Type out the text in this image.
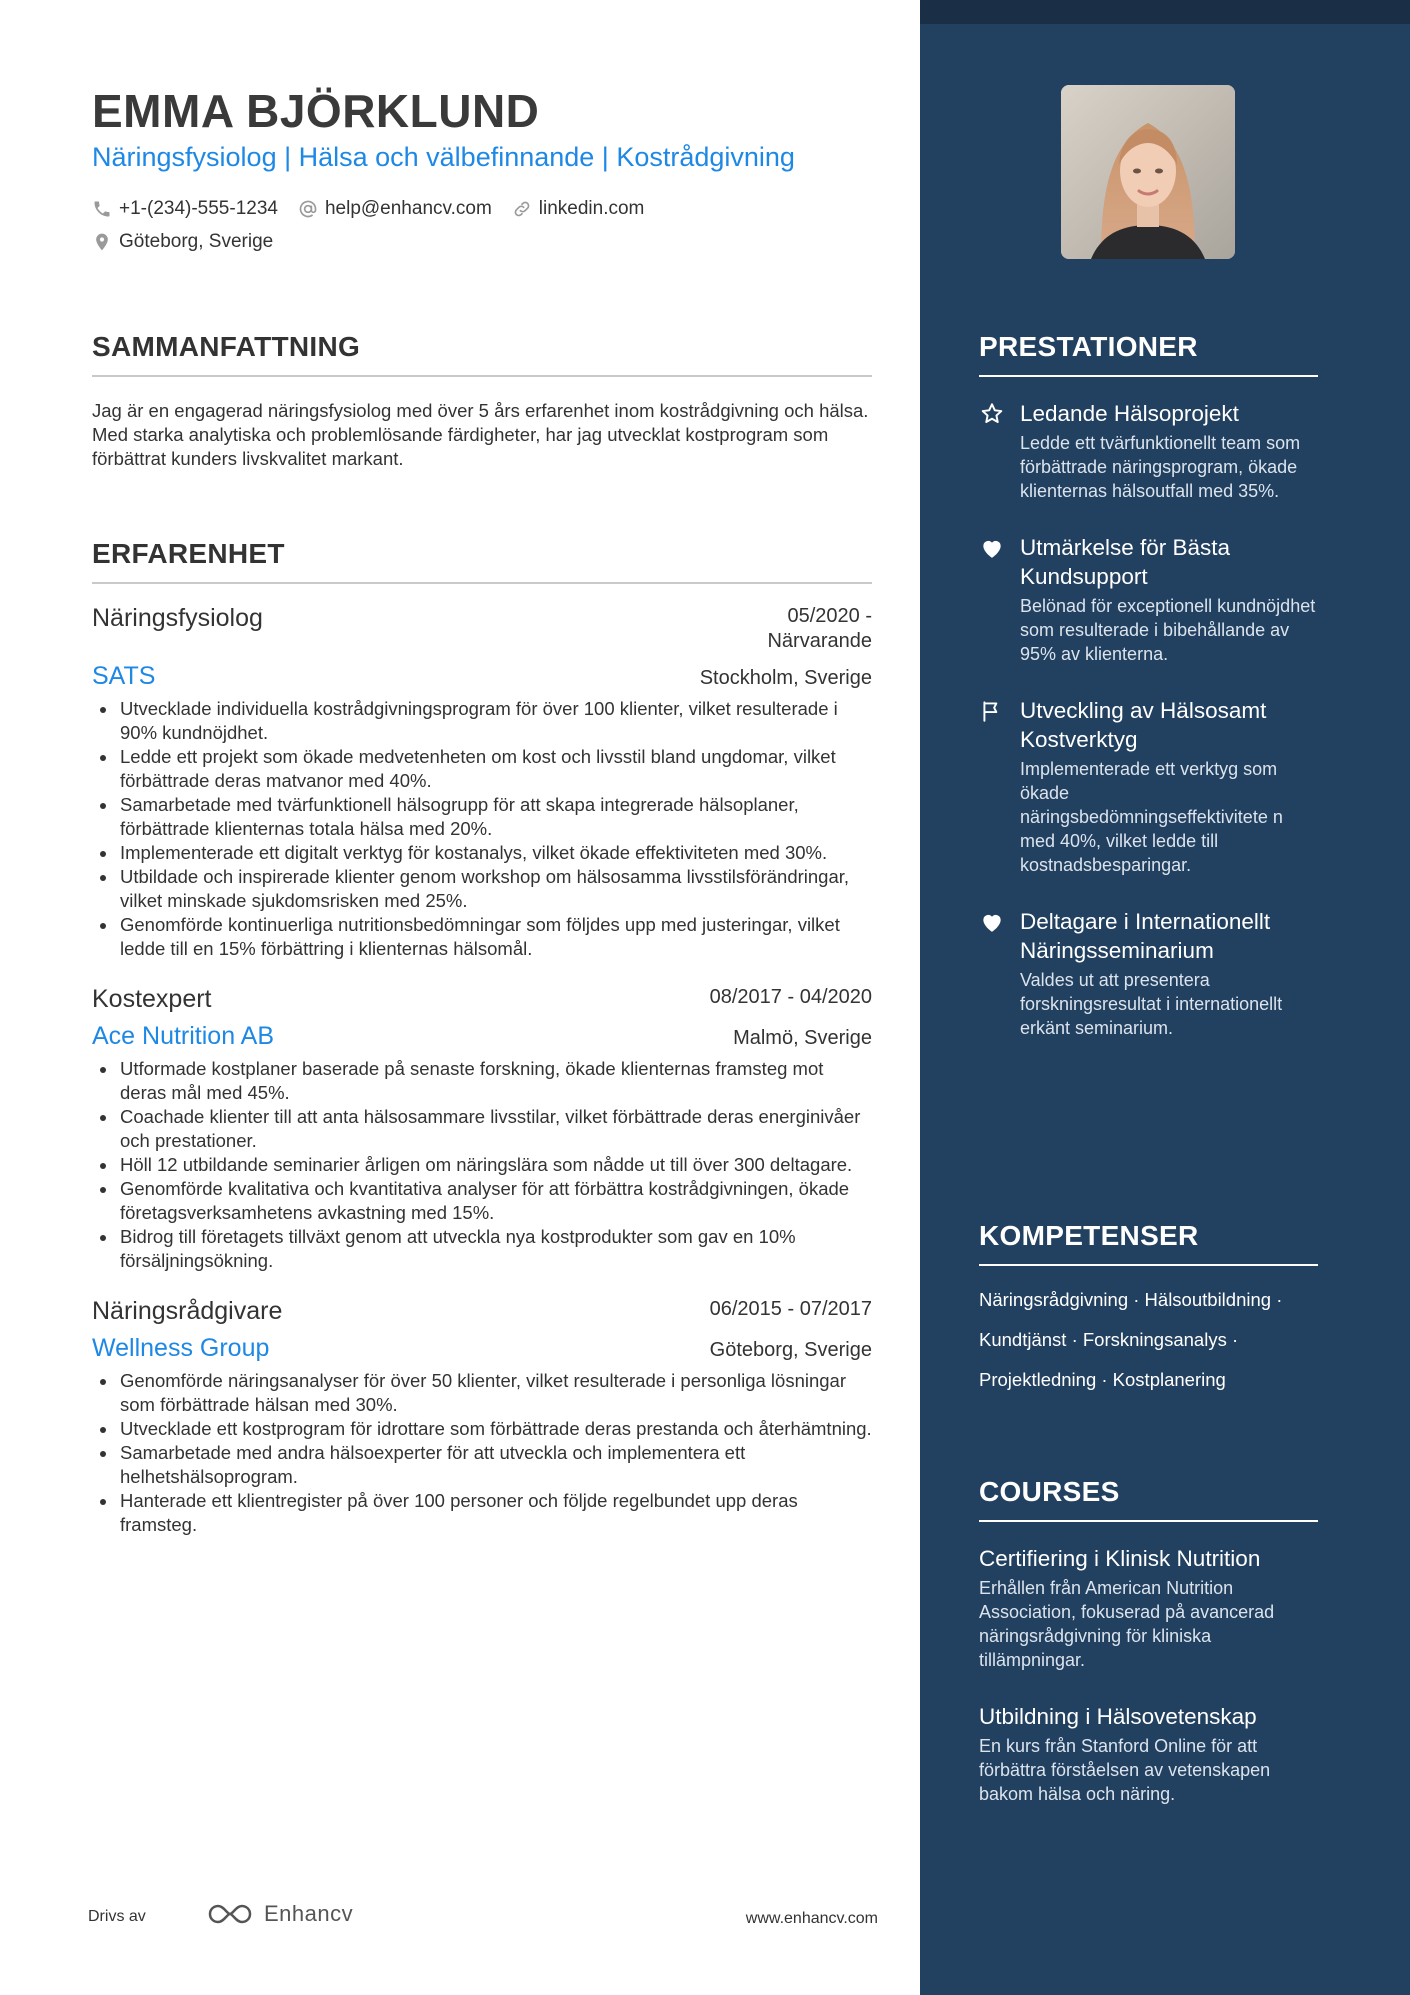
EMMA BJÖRKLUND
Näringsfysiolog | Hälsa och välbefinnande | Kostrådgivning
+1-(234)-555-1234 help@enhancv.com linkedin.com
Göteborg, Sverige
SAMMANFATTNING

Jag är en engagerad näringsfysiolog med över 5 års erfarenhet inom kostrådgivning och hälsa. Med starka analytiska och problemlösande färdigheter, har jag utvecklat kostprogram som förbättrat kunders livskvalitet markant.

ERFARENHET
Näringsfysiolog	05/2020 -
Närvarande
SATS	Stockholm, Sverige
Utvecklade individuella kostrådgivningsprogram för över 100 klienter, vilket resulterade i 90% kundnöjdhet.
Ledde ett projekt som ökade medvetenheten om kost och livsstil bland ungdomar, vilket förbättrade deras matvanor med 40%.
Samarbetade med tvärfunktionell hälsogrupp för att skapa integrerade hälsoplaner, förbättrade klienternas totala hälsa med 20%.
Implementerade ett digitalt verktyg för kostanalys, vilket ökade effektiviteten med 30%.
Utbildade och inspirerade klienter genom workshop om hälsosamma livsstilsförändringar, vilket minskade sjukdomsrisken med 25%.
Genomförde kontinuerliga nutritionsbedömningar som följdes upp med justeringar, vilket ledde till en 15% förbättring i klienternas hälsomål.
Kostexpert	08/2017 - 04/2020
Ace Nutrition AB	Malmö, Sverige
Utformade kostplaner baserade på senaste forskning, ökade klienternas framsteg mot deras mål med 45%.
Coachade klienter till att anta hälsosammare livsstilar, vilket förbättrade deras energinivåer och prestationer.
Höll 12 utbildande seminarier årligen om näringslära som nådde ut till över 300 deltagare.
Genomförde kvalitativa och kvantitativa analyser för att förbättra kostrådgivningen, ökade företagsverksamhetens avkastning med 15%.
Bidrog till företagets tillväxt genom att utveckla nya kostprodukter som gav en 10% försäljningsökning.
Näringsrådgivare	06/2015 - 07/2017
Wellness Group	Göteborg, Sverige
Genomförde näringsanalyser för över 50 klienter, vilket resulterade i personliga lösningar som förbättrade hälsan med 30%.
Utvecklade ett kostprogram för idrottare som förbättrade deras prestanda och återhämtning.
Samarbetade med andra hälsoexperter för att utveckla och implementera ett helhetshälsoprogram.
Hanterade ett klientregister på över 100 personer och följde regelbundet upp deras framsteg.
Drivs av	Enhancv	www.enhancv.com
PRESTATIONER
Ledande Hälsoprojekt
Ledde ett tvärfunktionellt team som förbättrade näringsprogram, ökade klienternas hälsoutfall med 35%.
Utmärkelse för Bästa Kundsupport
Belönad för exceptionell kundnöjdhet som resulterade i bibehållande av 95% av klienterna.
Utveckling av Hälsosamt Kostverktyg
Implementerade ett verktyg som ökade näringsbedömningseffektivitete n med 40%, vilket ledde till kostnadsbesparingar.
Deltagare i Internationellt Näringsseminarium
Valdes ut att presentera forskningsresultat i internationellt erkänt seminarium.
KOMPETENSER

Näringsrådgivning · Hälsoutbildning ·
Kundtjänst · Forskningsanalys ·
Projektledning · Kostplanering

COURSES
Certifiering i Klinisk Nutrition
Erhållen från American Nutrition Association, fokuserad på avancerad näringsrådgivning för kliniska tillämpningar.
Utbildning i Hälsovetenskap
En kurs från Stanford Online för att förbättra förståelsen av vetenskapen bakom hälsa och näring.
